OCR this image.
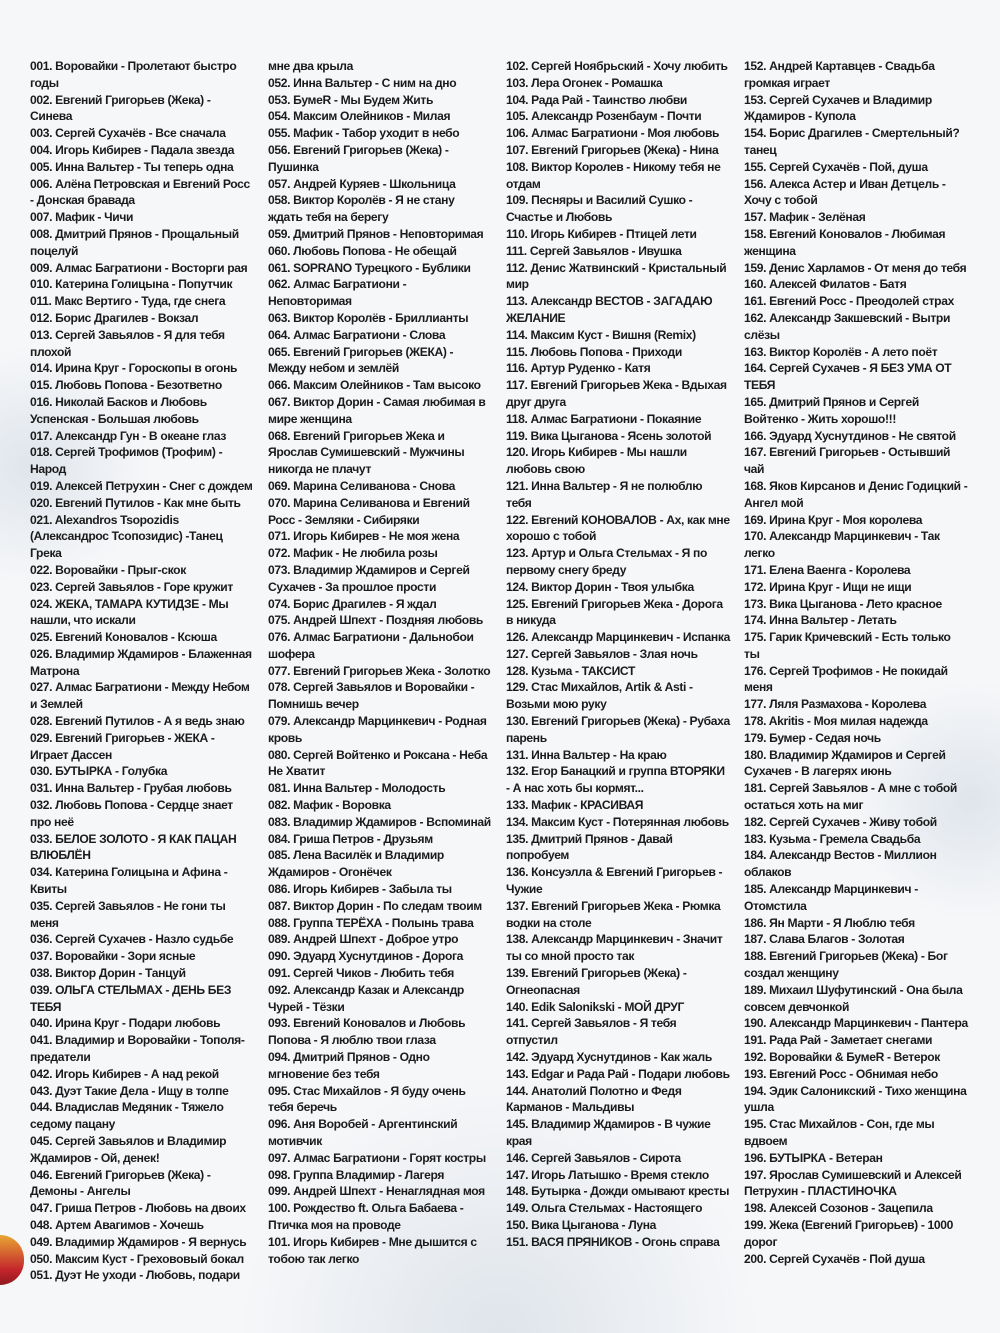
001. Воровайки - Пролетают быстро годы
002. Евгений Григорьев (Жека) - Синева
003. Сергей Сухачёв - Все сначала
004. Игорь Кибирев - Падала звезда
005. Инна Вальтер - Ты теперь одна
006. Алёна Петровская и Евгений Росс - Донская бравада
007. Мафик - Чичи
008. Дмитрий Прянов - Прощальный поцелуй
009. Алмас Багратиони - Восторги рая
010. Катерина Голицына - Попутчик
011. Макс Вертиго - Туда, где снега
012. Борис Драгилев - Вокзал
013. Сергей Завьялов - Я для тебя плохой
014. Ирина Круг - Гороскопы в огонь
015. Любовь Попова - Безответно
016. Николай Басков и Любовь Успенская - Большая любовь
017. Александр Гун - В океане глаз
018. Сергей Трофимов (Трофим) - Народ
019. Алексей Петрухин - Снег с дождем
020. Евгений Путилов - Как мне быть
021. Alexandros Tsopozidis (Александрос Тсопозидис) -Танец Грека
022. Воровайки - Прыг-скок
023. Сергей Завьялов - Горе кружит
024. ЖЕКА, ТАМАРА КУТИДЗЕ - Мы нашли, что искали
025. Евгений Коновалов - Ксюша
026. Владимир Ждамиров - Блаженная Матрона
027. Алмас Багратиони - Между Небом и Землей
028. Евгений Путилов - А я ведь знаю
029. Евгений Григорьев - ЖЕКА - Играет Дассен
030. БУТЫРКА - Голубка
031. Инна Вальтер - Грубая любовь
032. Любовь Попова - Сердце знает про неё
033. БЕЛОЕ ЗОЛОТО - Я КАК ПАЦАН ВЛЮБЛЁН
034. Катерина Голицына и Афина - Квиты
035. Сергей Завьялов - Не гони ты меня
036. Сергей Сухачев - Назло судьбе
037. Воровайки - Зори ясные
038. Виктор Дорин - Танцуй
039. ОЛЬГА СТЕЛЬМАХ - ДЕНЬ БЕЗ ТЕБЯ
040. Ирина Круг - Подари любовь
041. Владимир и Воровайки - Тополя-предатели
042. Игорь Кибирев - А над рекой
043. Дуэт Такие Дела - Ищу в толпе
044. Владислав Медяник - Тяжело седому пацану
045. Сергей Завьялов и Владимир Ждамиров - Ой, денек!
046. Евгений Григорьев (Жека) - Демоны - Ангелы
047. Гриша Петров - Любовь на двоих
048. Артем Авагимов - Хочешь
049. Владимир Ждамиров - Я вернусь
050. Максим Куст - Грехововый бокал
051. Дуэт Не уходи - Любовь, подари
мне два крыла
052. Инна Вальтер - С ним на дно
053. БумеR - Мы Будем Жить
054. Максим Олейников - Милая
055. Мафик - Табор уходит в небо
056. Евгений Григорьев (Жека) - Пушинка
057. Андрей Куряев - Школьница
058. Виктор Королёв - Я не стану ждать тебя на берегу
059. Дмитрий Прянов - Неповторимая
060. Любовь Попова - Не обещай
061. SOPRANO Турецкого - Бублики
062. Алмас Багратиони - Неповторимая
063. Виктор Королёв - Бриллианты
064. Алмас Багратиони - Слова
065. Евгений Григорьев (ЖЕКА) - Между небом и землёй
066. Максим Олейников - Там высоко
067. Виктор Дорин - Самая любимая в мире женщина
068. Евгений Григорьев Жека и Ярослав Сумишевский - Мужчины никогда не плачут
069. Марина Селиванова - Снова
070. Марина Селиванова и Евгений Росс - Земляки - Сибиряки
071. Игорь Кибирев - Не моя жена
072. Мафик - Не любила розы
073. Владимир Ждамиров и Сергей Сухачев - За прошлое прости
074. Борис Драгилев - Я ждал
075. Андрей Шпехт - Поздняя любовь
076. Алмас Багратиони - Дальнобои шофера
077. Евгений Григорьев Жека - Золотко
078. Сергей Завьялов и Воровайки - Помнишь вечер
079. Александр Марцинкевич - Родная кровь
080. Сергей Войтенко и Роксана - Неба Не Хватит
081. Инна Вальтер - Молодость
082. Мафик - Воровка
083. Владимир Ждамиров - Вспоминай
084. Гриша Петров - Друзьям
085. Лена Василёк и Владимир Ждамиров - Огонёчек
086. Игорь Кибирев - Забыла ты
087. Виктор Дорин - По следам твоим
088. Группа ТЕРЁХА - Полынь трава
089. Андрей Шпехт - Доброе утро
090. Эдуард Хуснутдинов - Дорога
091. Сергей Чиков - Любить тебя
092. Александр Казак и Александр Чурей - Тёзки
093. Евгений Коновалов и Любовь Попова - Я люблю твои глаза
094. Дмитрий Прянов - Одно мгновение без тебя
095. Стас Михайлов - Я буду очень тебя беречь
096. Аня Воробей - Аргентинский мотивчик
097. Алмас Багратиони - Горят костры
098. Группа Владимир - Лагеря
099. Андрей Шпехт - Ненаглядная моя
100. Рождество ft. Ольга Бабаева - Птичка моя на проводе
101. Игорь Кибирев - Мне дышится с тобою так легко
102. Сергей Ноябрьский - Хочу любить
103. Лера Огонек - Ромашка
104. Рада Рай - Таинство любви
105. Александр Розенбаум - Почти
106. Алмас Багратиони - Моя любовь
107. Евгений Григорьев (Жека) - Нина
108. Виктор Королев - Никому тебя не отдам
109. Песняры и Василий Сушко - Счастье и Любовь
110. Игорь Кибирев - Птицей лети
111. Сергей Завьялов - Ивушка
112. Денис Жатвинский - Кристальный мир
113. Александр ВЕСТОВ - ЗАГАДАЮ ЖЕЛАНИЕ
114. Максим Куст - Вишня (Remix)
115. Любовь Попова - Приходи
116. Артур Руденко - Катя
117. Евгений Григорьев Жека - Вдыхая друг друга
118. Алмас Багратиони - Покаяние
119. Вика Цыганова - Ясень золотой
120. Игорь Кибирев - Мы нашли любовь свою
121. Инна Вальтер - Я не полюблю тебя
122. Евгений КОНОВАЛОВ - Ах, как мне хорошо с тобой
123. Артур и Ольга Стельмах - Я по первому снегу бреду
124. Виктор Дорин - Твоя улыбка
125. Евгений Григорьев Жека - Дорога в никуда
126. Александр Марцинкевич - Испанка
127. Сергей Завьялов - Злая ночь
128. Кузьма - ТАКСИСТ
129. Стас Михайлов, Artik & Asti - Возьми мою руку
130. Евгений Григорьев (Жека) - Рубаха парень
131. Инна Вальтер - На краю
132. Егор Банацкий и группа ВТОРЯКИ - А нас хоть бы кормят...
133. Мафик - КРАСИВАЯ
134. Максим Куст - Потерянная любовь
135. Дмитрий Прянов - Давай попробуем
136. Консуэлла & Евгений Григорьев - Чужие
137. Евгений Григорьев Жека - Рюмка водки на столе
138. Александр Марцинкевич - Значит ты со мной просто так
139. Евгений Григорьев (Жека) - Огнеопасная
140. Edik Salonikski - МОЙ ДРУГ
141. Сергей Завьялов - Я тебя отпустил
142. Эдуард Хуснутдинов - Как жаль
143. Edgar и Рада Рай - Подари любовь
144. Анатолий Полотно и Федя Карманов - Мальдивы
145. Владимир Ждамиров - В чужие края
146. Сергей Завьялов - Сирота
147. Игорь Латышко - Время стекло
148. Бутырка - Дожди омывают кресты
149. Ольга Стельмах - Настоящего
150. Вика Цыганова - Луна
151. ВАСЯ ПРЯНИКОВ - Огонь справа
152. Андрей Картавцев - Свадьба громкая играет
153. Сергей Сухачев и Владимир Ждамиров - Купола
154. Борис Драгилев - Смертельный? танец
155. Сергей Сухачёв - Пой, душа
156. Алекса Астер и Иван Детцель - Хочу с тобой
157. Мафик - Зелёная
158. Евгений Коновалов - Любимая женщина
159. Денис Харламов - От меня до тебя
160. Алексей Филатов - Батя
161. Евгений Росс - Преодолей страх
162. Александр Закшевский - Вытри слёзы
163. Виктор Королёв - А лето поёт
164. Сергей Сухачев - Я БЕЗ УМА ОТ ТЕБЯ
165. Дмитрий Прянов и Сергей Войтенко - Жить хорошо!!!
166. Эдуард Хуснутдинов - Не святой
167. Евгений Григорьев - Остывший чай
168. Яков Кирсанов и Денис Годицкий - Ангел мой
169. Ирина Круг - Моя королева
170. Александр Марцинкевич - Так легко
171. Елена Ваенга - Королева
172. Ирина Круг - Ищи не ищи
173. Вика Цыганова - Лето красное
174. Инна Вальтер - Летать
175. Гарик Кричевский - Есть только ты
176. Сергей Трофимов - Не покидай меня
177. Ляля Размахова - Королева
178. Akritis - Моя милая надежда
179. Бумер - Седая ночь
180. Владимир Ждамиров и Сергей Сухачев - В лагерях июнь
181. Сергей Завьялов - А мне с тобой остаться хоть на миг
182. Сергей Сухачев - Живу тобой
183. Кузьма - Гремела Свадьба
184. Александр Вестов - Миллион облаков
185. Александр Марцинкевич - Отомстила
186. Ян Марти - Я Люблю тебя
187. Слава Благов - Золотая
188. Евгений Григорьев (Жека) - Бог создал женщину
189. Михаил Шуфутинский - Она была совсем девчонкой
190. Александр Марцинкевич - Пантера
191. Рада Рай - Заметает снегами
192. Воровайки & БумеR - Ветерок
193. Евгений Росс - Обнимая небо
194. Эдик Салоникский - Тихо женщина ушла
195. Стас Михайлов - Сон, где мы вдвоем
196. БУТЫРКА - Ветеран
197. Ярослав Сумишевский и Алексей Петрухин - ПЛАСТИНОЧКА
198. Алексей Созонов - Зацепила
199. Жека (Евгений Григорьев) - 1000 дорог
200. Сергей Сухачёв - Пой душа
